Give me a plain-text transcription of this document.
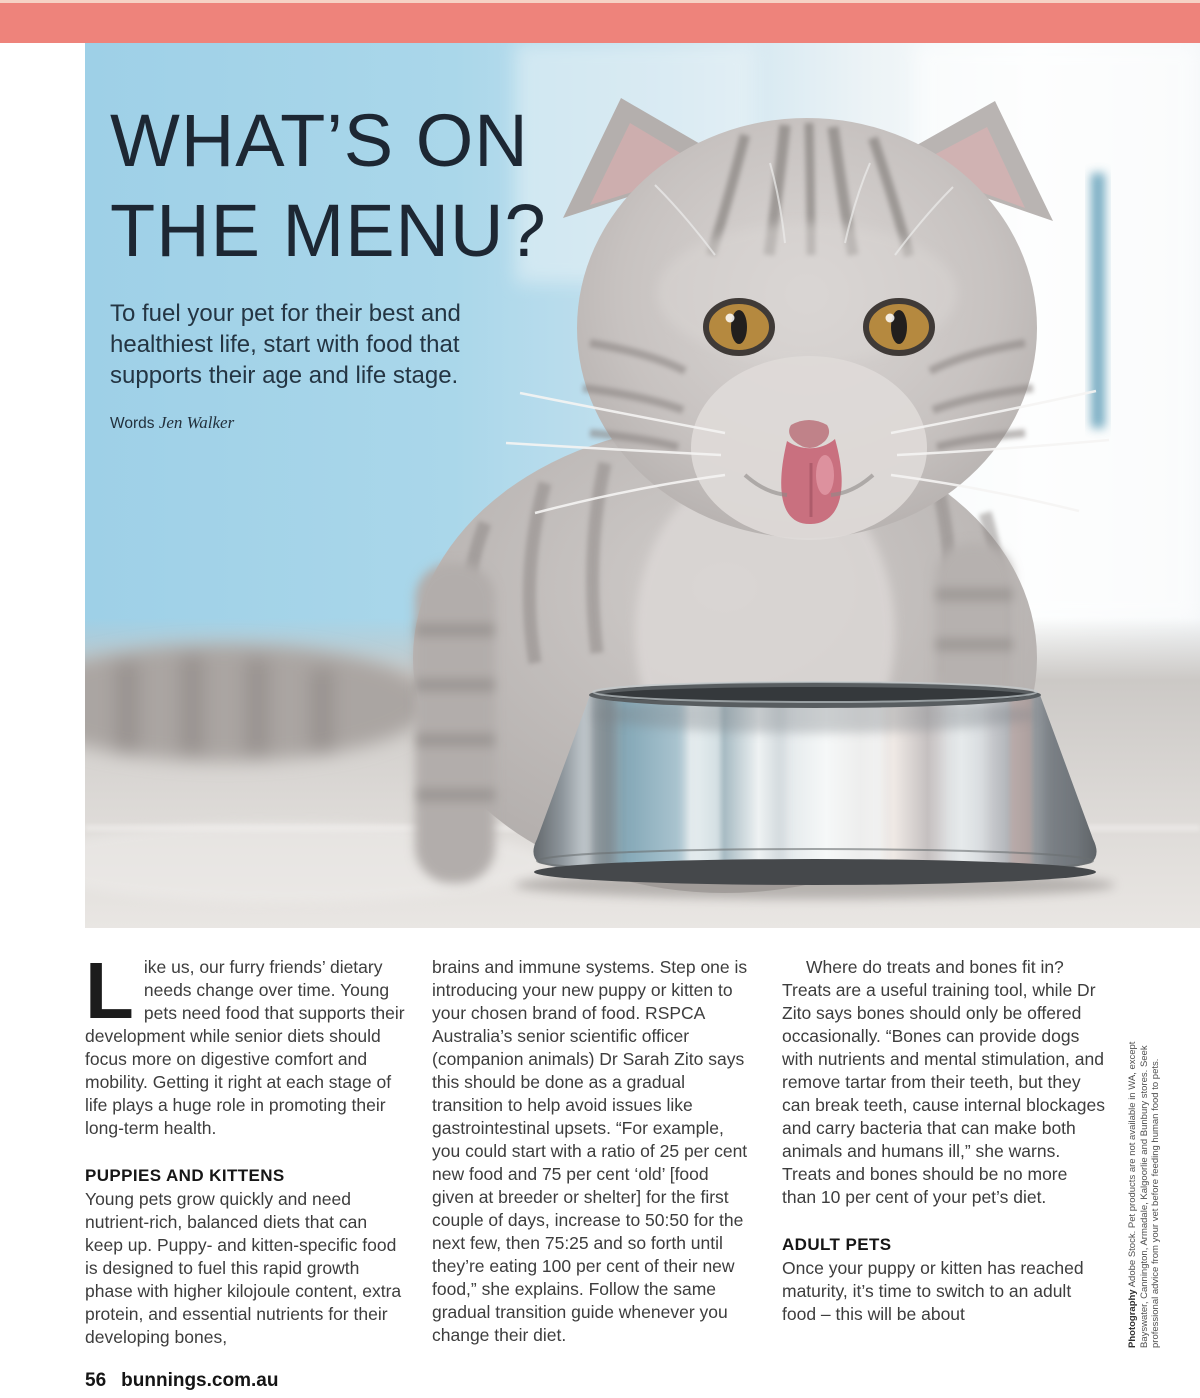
WHAT’S ON
THE MENU?
To fuel your pet for their best and healthiest life, start with food that supports their age and life stage.
Words Jen Walker

Like us, our furry friends’ dietary needs change over time. Young pets need food that supports their development while senior diets should focus more on digestive comfort and mobility. Getting it right at each stage of life plays a huge role in promoting their long-term health.

PUPPIES AND KITTENS

Young pets grow quickly and need nutrient-rich, balanced diets that can keep up. Puppy- and kitten-specific food is designed to fuel this rapid growth phase with higher kilojoule content, extra protein, and essential nutrients for their developing bones,

brains and immune systems. Step one is introducing your new puppy or kitten to your chosen brand of food. RSPCA Australia’s senior scientific officer (companion animals) Dr Sarah Zito says this should be done as a gradual transition to help avoid issues like gastrointestinal upsets. “For example, you could start with a ratio of 25 per cent new food and 75 per cent ‘old’ [food given at breeder or shelter] for the first couple of days, increase to 50:50 for the next few, then 75:25 and so forth until they’re eating 100 per cent of their new food,” she explains. Follow the same gradual transition guide whenever you change their diet.

Where do treats and bones fit in? Treats are a useful training tool, while Dr Zito says bones should only be offered occasionally. “Bones can provide dogs with nutrients and mental stimulation, and remove tartar from their teeth, but they can break teeth, cause internal blockages and carry bacteria that can make both animals and humans ill,” she warns. Treats and bones should be no more than 10 per cent of your pet’s diet.

ADULT PETS

Once your puppy or kitten has reached maturity, it’s time to switch to an adult food – this will be about	Photography Adobe Stock. Pet products are not available in WA, except Bayswater, Cannington, Armadale, Kalgoorlie and Bunbury stores. Seek professional advice from your vet before feeding human food to pets.
56 bunnings.com.au
